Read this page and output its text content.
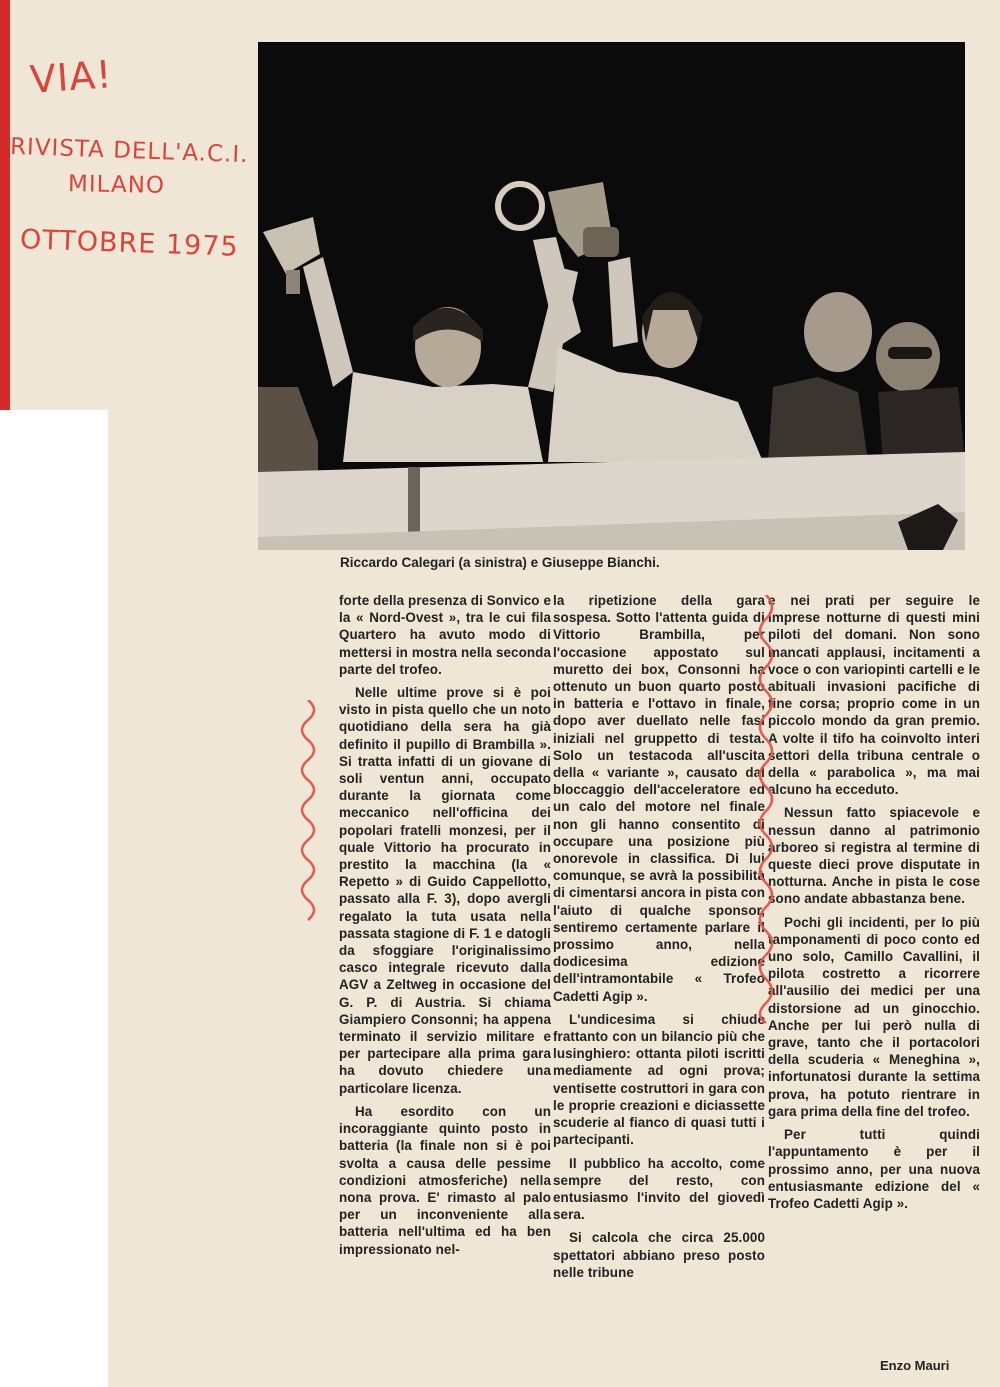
VIA!
RIVISTA DELL'A.C.I.
MILANO
OTTOBRE 1975
Riccardo Calegari (a sinistra) e Giuseppe Bianchi.

forte della presenza di Sonvico e la « Nord-Ovest », tra le cui fila Quartero ha avuto modo di mettersi in mostra nella seconda parte del trofeo.

Nelle ultime prove si è poi visto in pista quello che un noto quotidiano della sera ha già definito il pupillo di Brambilla ». Si tratta infatti di un giovane di soli ventun anni, occupato durante la giornata come meccanico nell'officina dei popolari fratelli monzesi, per il quale Vittorio ha procurato in prestito la macchina (la « Repetto » di Guido Cappellotto, passato alla F. 3), dopo avergli regalato la tuta usata nella passata stagione di F. 1 e datogli da sfoggiare l'originalissimo casco integrale ricevuto dalla AGV a Zeltweg in occasione del G. P. di Austria. Si chiama Giampiero Consonni; ha appena terminato il servizio militare e per partecipare alla prima gara ha dovuto chiedere una particolare licenza.

Ha esordito con un incoraggiante quinto posto in batteria (la finale non si è poi svolta a causa delle pessime condizioni atmosferiche) nella nona prova. E' rimasto al palo per un inconveniente alla batteria nell'ultima ed ha ben impressionato nel-

la ripetizione della gara sospesa. Sotto l'attenta guida di Vittorio Brambilla, per l'occasione appostato sul muretto dei box, Consonni ha ottenuto un buon quarto posto in batteria e l'ottavo in finale, dopo aver duellato nelle fasi iniziali nel gruppetto di testa. Solo un testacoda all'uscita della « variante », causato dal bloccaggio dell'acceleratore ed un calo del motore nel finale non gli hanno consentito di occupare una posizione più onorevole in classifica. Di lui comunque, se avrà la possibilità di cimentarsi ancora in pista con l'aiuto di qualche sponsor, sentiremo certamente parlare il prossimo anno, nella dodicesima edizione dell'intramontabile « Trofeo Cadetti Agip ».

L'undicesima si chiude frattanto con un bilancio più che lusinghiero: ottanta piloti iscritti mediamente ad ogni prova; ventisette costruttori in gara con le proprie creazioni e diciassette scuderie al fianco di quasi tutti i partecipanti.

Il pubblico ha accolto, come sempre del resto, con entusiasmo l'invito del giovedì sera.

Si calcola che circa 25.000 spettatori abbiano preso posto nelle tribune

e nei prati per seguire le imprese notturne di questi mini piloti del domani. Non sono mancati applausi, incitamenti a voce o con variopinti cartelli e le abituali invasioni pacifiche di fine corsa; proprio come in un piccolo mondo da gran premio. A volte il tifo ha coinvolto interi settori della tribuna centrale o della « parabolica », ma mai alcuno ha ecceduto.

Nessun fatto spiacevole e nessun danno al patrimonio arboreo si registra al termine di queste dieci prove disputate in notturna. Anche in pista le cose sono andate abbastanza bene.

Pochi gli incidenti, per lo più tamponamenti di poco conto ed uno solo, Camillo Cavallini, il pilota costretto a ricorrere all'ausilio dei medici per una distorsione ad un ginocchio. Anche per lui però nulla di grave, tanto che il portacolori della scuderia « Meneghina », infortunatosi durante la settima prova, ha potuto rientrare in gara prima della fine del trofeo.

Per tutti quindi l'appuntamento è per il prossimo anno, per una nuova entusiasmante edizione del « Trofeo Cadetti Agip ».

Enzo Mauri
